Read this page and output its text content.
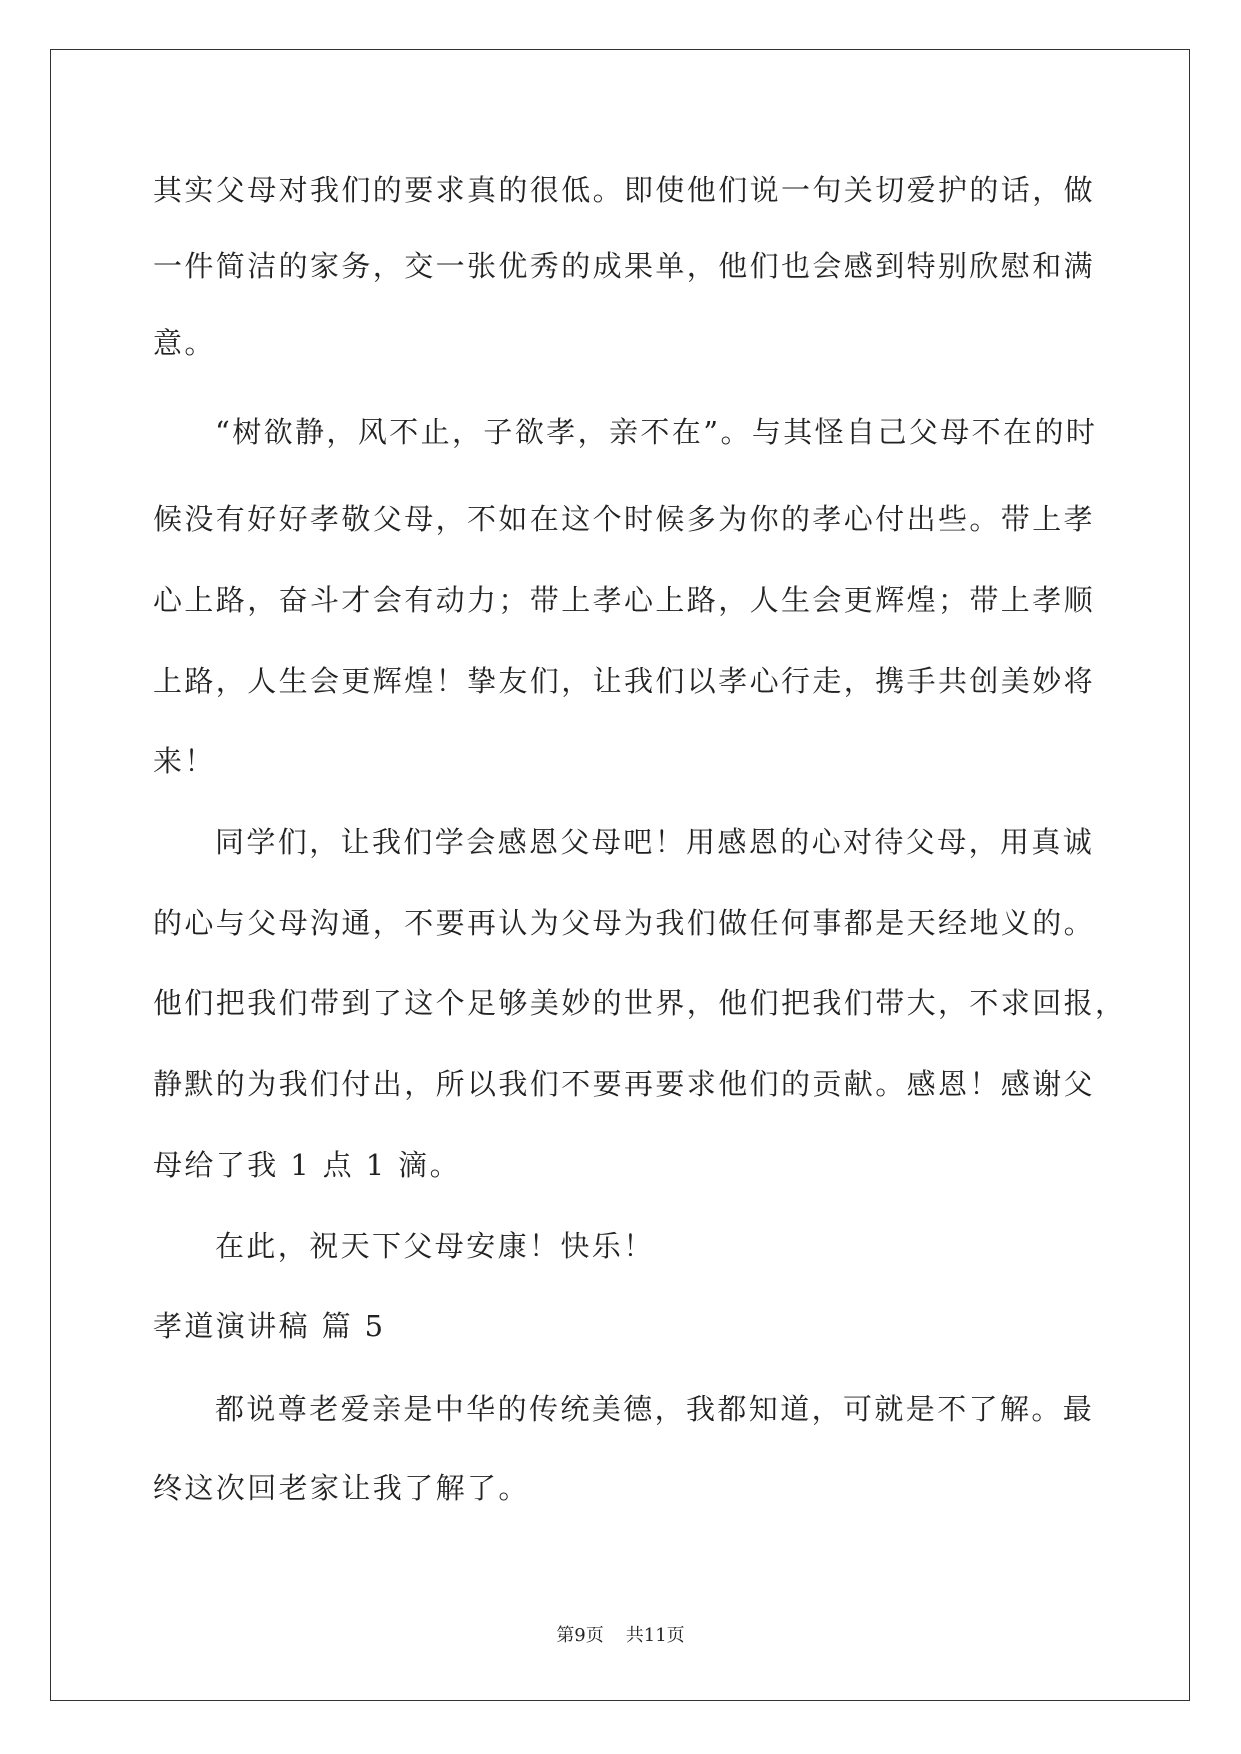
其实父母对我们的要求真的很低。即使他们说一句关切爱护的话，做
一件简洁的家务，交一张优秀的成果单，他们也会感到特别欣慰和满
意。
“树欲静，风不止，子欲孝，亲不在”。与其怪自己父母不在的时
候没有好好孝敬父母，不如在这个时候多为你的孝心付出些。带上孝
心上路，奋斗才会有动力；带上孝心上路，人生会更辉煌；带上孝顺
上路，人生会更辉煌！挚友们，让我们以孝心行走，携手共创美妙将
来！
同学们，让我们学会感恩父母吧！用感恩的心对待父母，用真诚
的心与父母沟通，不要再认为父母为我们做任何事都是天经地义的。
他们把我们带到了这个足够美妙的世界，他们把我们带大，不求回报，
静默的为我们付出，所以我们不要再要求他们的贡献。感恩！感谢父
母给了我 1 点 1 滴。
在此，祝天下父母安康！快乐！
孝道演讲稿 篇 5
都说尊老爱亲是中华的传统美德，我都知道，可就是不了解。最
终这次回老家让我了解了。
第9页 共11页
